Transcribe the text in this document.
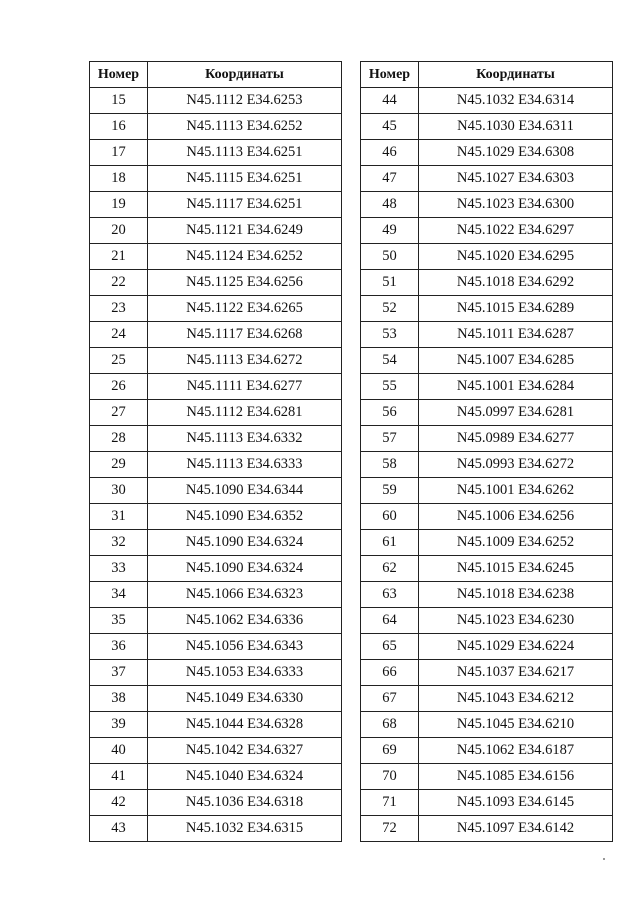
Номер	Координаты
15	N45.1112 E34.6253
16	N45.1113 E34.6252
17	N45.1113 E34.6251
18	N45.1115 E34.6251
19	N45.1117 E34.6251
20	N45.1121 E34.6249
21	N45.1124 E34.6252
22	N45.1125 E34.6256
23	N45.1122 E34.6265
24	N45.1117 E34.6268
25	N45.1113 E34.6272
26	N45.1111 E34.6277
27	N45.1112 E34.6281
28	N45.1113 E34.6332
29	N45.1113 E34.6333
30	N45.1090 E34.6344
31	N45.1090 E34.6352
32	N45.1090 E34.6324
33	N45.1090 E34.6324
34	N45.1066 E34.6323
35	N45.1062 E34.6336
36	N45.1056 E34.6343
37	N45.1053 E34.6333
38	N45.1049 E34.6330
39	N45.1044 E34.6328
40	N45.1042 E34.6327
41	N45.1040 E34.6324
42	N45.1036 E34.6318
43	N45.1032 E34.6315
Номер	Координаты
44	N45.1032 E34.6314
45	N45.1030 E34.6311
46	N45.1029 E34.6308
47	N45.1027 E34.6303
48	N45.1023 E34.6300
49	N45.1022 E34.6297
50	N45.1020 E34.6295
51	N45.1018 E34.6292
52	N45.1015 E34.6289
53	N45.1011 E34.6287
54	N45.1007 E34.6285
55	N45.1001 E34.6284
56	N45.0997 E34.6281
57	N45.0989 E34.6277
58	N45.0993 E34.6272
59	N45.1001 E34.6262
60	N45.1006 E34.6256
61	N45.1009 E34.6252
62	N45.1015 E34.6245
63	N45.1018 E34.6238
64	N45.1023 E34.6230
65	N45.1029 E34.6224
66	N45.1037 E34.6217
67	N45.1043 E34.6212
68	N45.1045 E34.6210
69	N45.1062 E34.6187
70	N45.1085 E34.6156
71	N45.1093 E34.6145
72	N45.1097 E34.6142
